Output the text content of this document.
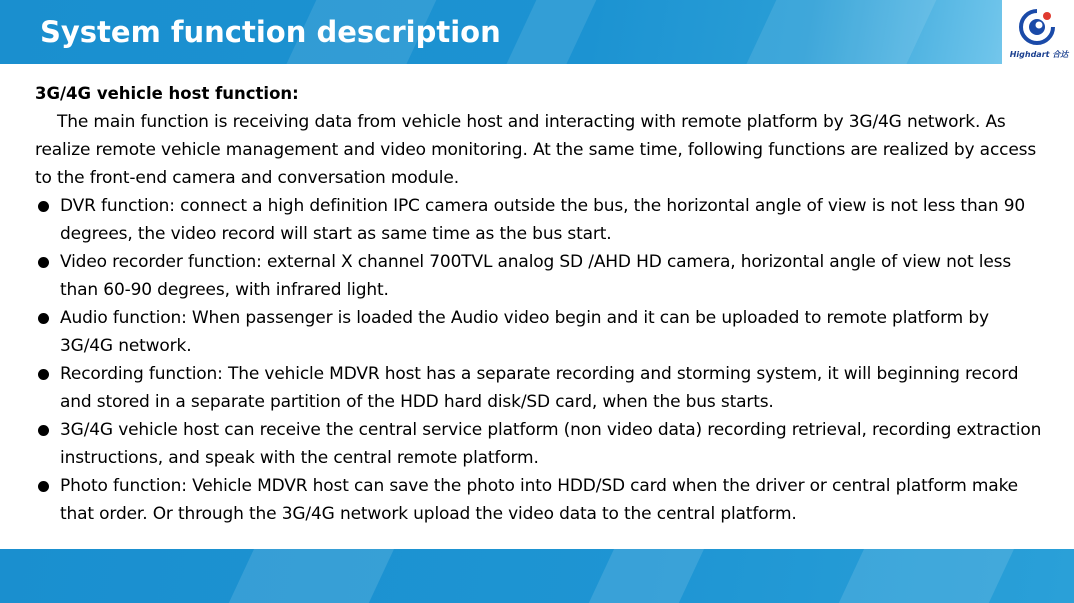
System function description
Highdart 合达

3G/4G vehicle host function:

The main function is receiving data from vehicle host and interacting with remote platform by 3G/4G network. As realize remote vehicle management and video monitoring. At the same time, following functions are realized by access to the front-end camera and conversation module.

DVR function: connect a high definition IPC camera outside the bus, the horizontal angle of view is not less than 90 degrees, the video record will start as same time as the bus start.
Video recorder function: external X channel 700TVL analog SD /AHD HD camera, horizontal angle of view not less than 60-90 degrees, with infrared light.
Audio function: When passenger is loaded the Audio video begin and it can be uploaded to remote platform by 3G/4G network.
Recording function: The vehicle MDVR host has a separate recording and storming system, it will beginning record and stored in a separate partition of the HDD hard disk/SD card, when the bus starts.
3G/4G vehicle host can receive the central service platform (non video data) recording retrieval, recording extraction instructions, and speak with the central remote platform.
Photo function: Vehicle MDVR host can save the photo into HDD/SD card when the driver or central platform make that order. Or through the 3G/4G network upload the video data to the central platform.
